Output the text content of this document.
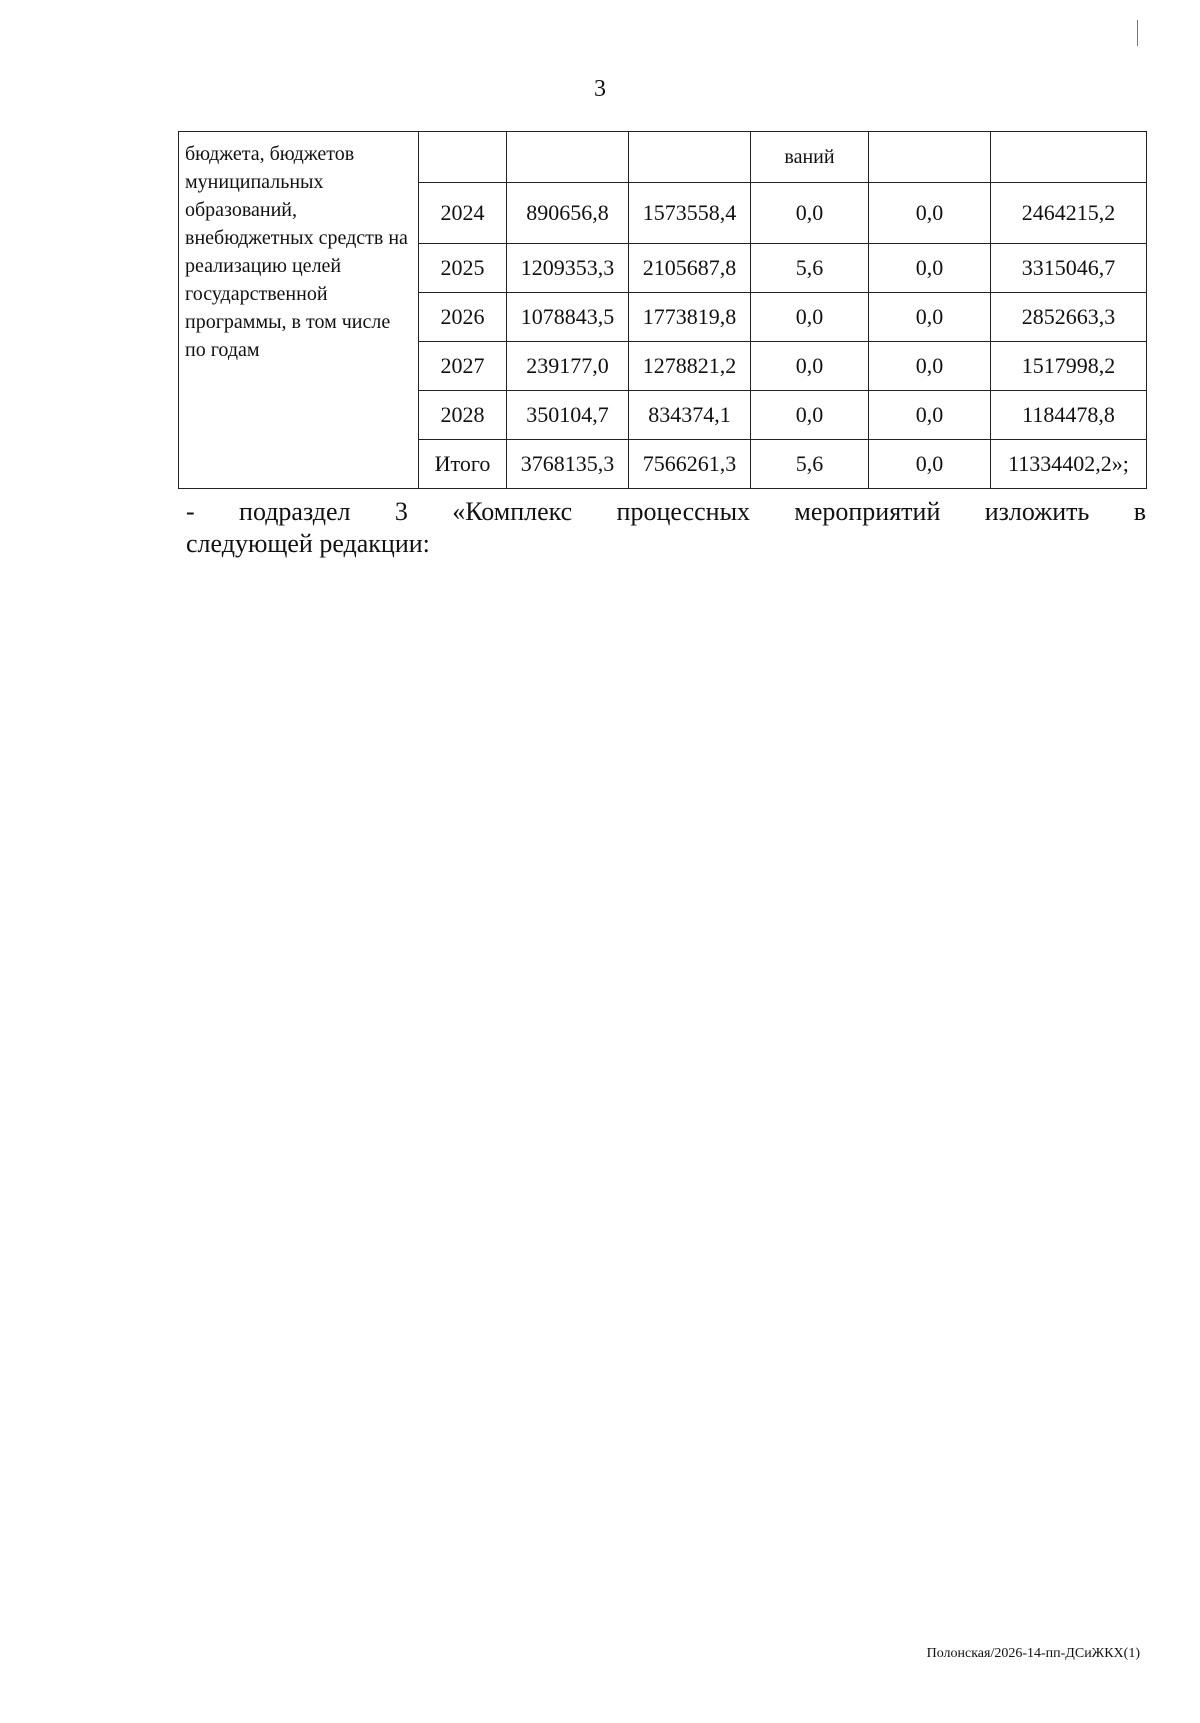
3
бюджета, бюджетов муниципальных образований, внебюджетных средств на реализацию целей государственной программы, в том числе по годам				ваний		
	2024	890656,8	1573558,4	0,0	0,0	2464215,2
	2025	1209353,3	2105687,8	5,6	0,0	3315046,7
	2026	1078843,5	1773819,8	0,0	0,0	2852663,3
	2027	239177,0	1278821,2	0,0	0,0	1517998,2
	2028	350104,7	834374,1	0,0	0,0	1184478,8
	Итого	3768135,3	7566261,3	5,6	0,0	11334402,2»;
- подраздел 3 «Комплекс процессных мероприятий изложить в
следующей редакции:
Полонская/2026-14-пп-ДСиЖКХ(1)
